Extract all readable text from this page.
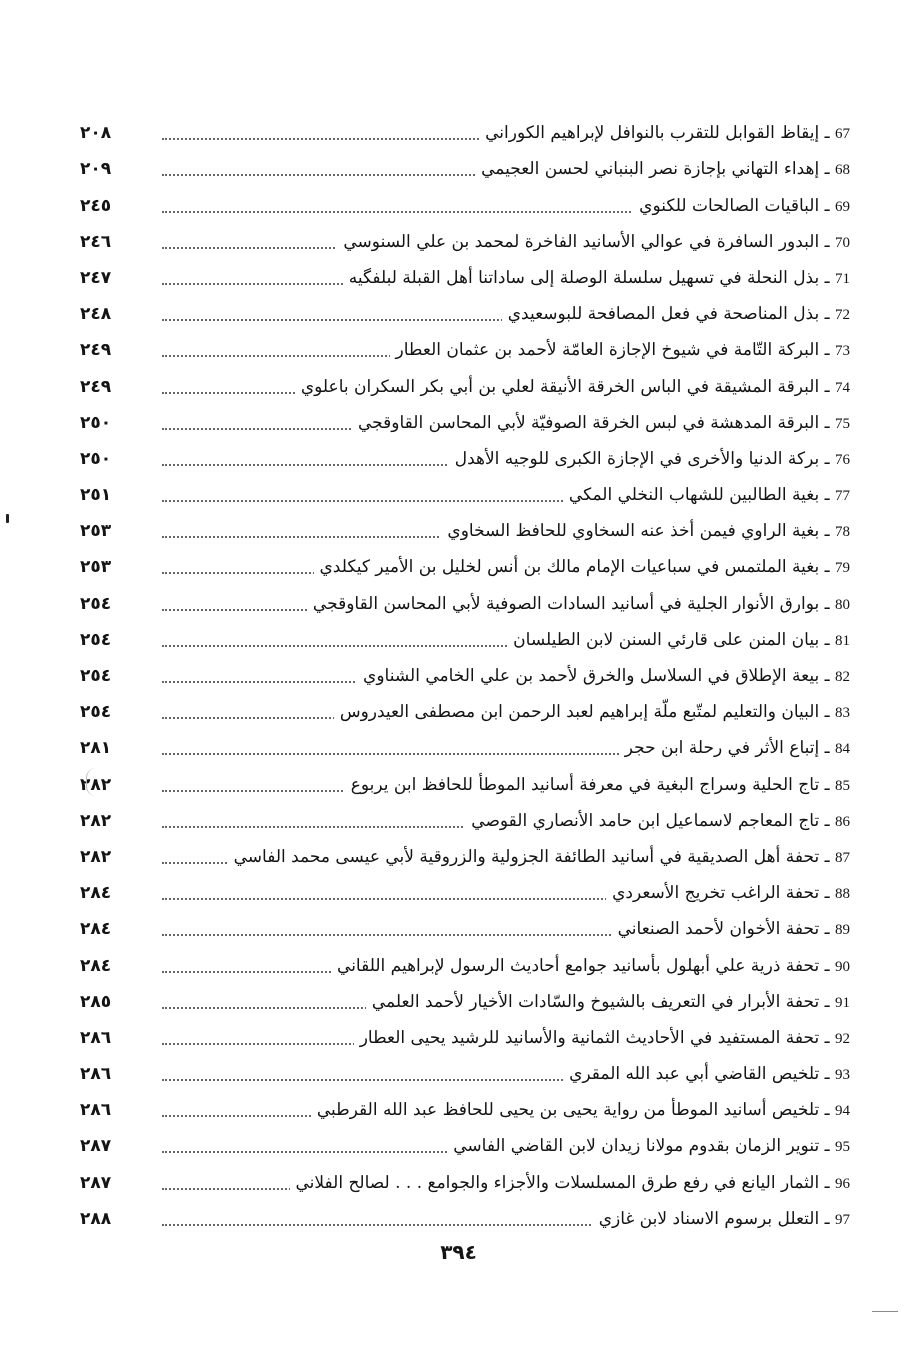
٢٠٨	67 ـ إيقاظ القوابل للتقرب بالنوافل لإبراهيم الكوراني
٢٠٩	68 ـ إهداء التهاني بإجازة نصر البنباني لحسن العجيمي
٢٤٥	69 ـ الباقيات الصالحات للكنوي
٢٤٦	70 ـ البدور السافرة في عوالي الأسانيد الفاخرة لمحمد بن علي السنوسي
٢٤٧	71 ـ بذل النحلة في تسهيل سلسلة الوصلة إلى ساداتنا أهل القبلة لبلفگيه
٢٤٨	72 ـ بذل المناصحة في فعل المصافحة للبوسعيدي
٢٤٩	73 ـ البركة التّامة في شيوخ الإجازة العامّة لأحمد بن عثمان العطار
٢٤٩	74 ـ البرقة المشيقة في الباس الخرقة الأنيقة لعلي بن أبي بكر السكران باعلوي
٢٥٠	75 ـ البرقة المدهشة في لبس الخرقة الصوفيّة لأبي المحاسن القاوقجي
٢٥٠	76 ـ بركة الدنيا والأخرى في الإجازة الكبرى للوجيه الأهدل
٢٥١	77 ـ بغية الطالبين للشهاب النخلي المكي
٢٥٣	78 ـ بغية الراوي فيمن أخذ عنه السخاوي للحافظ السخاوي
٢٥٣	79 ـ بغية الملتمس في سباعيات الإمام مالك بن أنس لخليل بن الأمير كيكلدي
٢٥٤	80 ـ بوارق الأنوار الجلية في أسانيد السادات الصوفية لأبي المحاسن القاوقجي
٢٥٤	81 ـ بيان المنن على قارئي السنن لابن الطيلسان
٢٥٤	82 ـ بيعة الإطلاق في السلاسل والخرق لأحمد بن علي الخامي الشناوي
٢٥٤	83 ـ البيان والتعليم لمتّبع ملّة إبراهيم لعبد الرحمن ابن مصطفى العيدروس
٢٨١	84 ـ إتباع الأثر في رحلة ابن حجر
٢٨٢	85 ـ تاج الحلية وسراج البغية في معرفة أسانيد الموطأ للحافظ ابن يربوع
٢٨٢	86 ـ تاج المعاجم لاسماعيل ابن حامد الأنصاري القوصي
٢٨٢	87 ـ تحفة أهل الصديقية في أسانيد الطائفة الجزولية والزروقية لأبي عيسى محمد الفاسي
٢٨٤	88 ـ تحفة الراغب تخريج الأسعردي
٢٨٤	89 ـ تحفة الأخوان لأحمد الصنعاني
٢٨٤	90 ـ تحفة ذرية علي أبهلول بأسانيد جوامع أحاديث الرسول لإبراهيم اللقاني
٢٨٥	91 ـ تحفة الأبرار في التعريف بالشيوخ والسّادات الأخيار لأحمد العلمي
٢٨٦	92 ـ تحفة المستفيد في الأحاديث الثمانية والأسانيد للرشيد يحيى العطار
٢٨٦	93 ـ تلخيص القاضي أبي عبد الله المقري
٢٨٦	94 ـ تلخيص أسانيد الموطأ من رواية يحيى بن يحيى للحافظ عبد الله القرطبي
٢٨٧	95 ـ تنوير الزمان بقدوم مولانا زيدان لابن القاضي الفاسي
٢٨٧	96 ـ الثمار اليانع في رفع طرق المسلسلات والأجزاء والجوامع . . . لصالح الفلاني
٢٨٨	97 ـ التعلل برسوم الاسناد لابن غازي
٣٩٤
